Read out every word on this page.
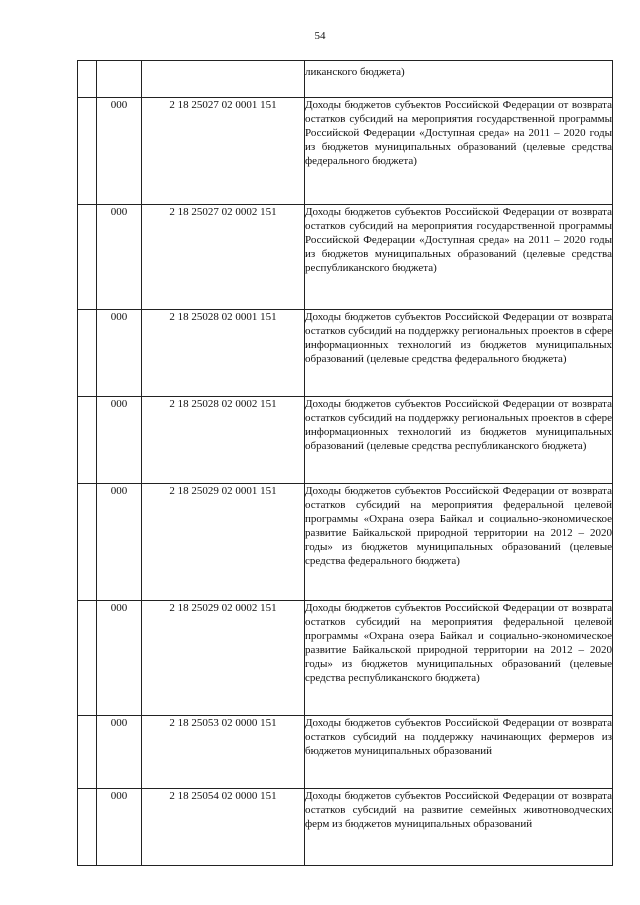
54
			ликанского бюджета)
	000	2 18 25027 02 0001 151	Доходы бюджетов субъектов Российской Федерации от возврата остатков субсидий на мероприятия государственной программы Российской Федерации «Доступная среда» на 2011 – 2020 годы из бюджетов муниципальных образований (целевые средства федерального бюджета)
	000	2 18 25027 02 0002 151	Доходы бюджетов субъектов Российской Федерации от возврата остатков субсидий на мероприятия государственной программы Российской Федерации «Доступная среда» на 2011 – 2020 годы из бюджетов муниципальных образований (целевые средства республиканского бюджета)
	000	2 18 25028 02 0001 151	Доходы бюджетов субъектов Российской Федерации от возврата остатков субсидий на поддержку региональных проектов в сфере информационных технологий из бюджетов муниципальных образований (целевые средства федерального бюджета)
	000	2 18 25028 02 0002 151	Доходы бюджетов субъектов Российской Федерации от возврата остатков субсидий на поддержку региональных проектов в сфере информационных технологий из бюджетов муниципальных образований (целевые средства республиканского бюджета)
	000	2 18 25029 02 0001 151	Доходы бюджетов субъектов Российской Федерации от возврата остатков субсидий на мероприятия федеральной целевой программы «Охрана озера Байкал и социально-экономическое развитие Байкальской природной территории на 2012 – 2020 годы» из бюджетов муниципальных образований (целевые средства федерального бюджета)
	000	2 18 25029 02 0002 151	Доходы бюджетов субъектов Российской Федерации от возврата остатков субсидий на мероприятия федеральной целевой программы «Охрана озера Байкал и социально-экономическое развитие Байкальской природной территории на 2012 – 2020 годы» из бюджетов муниципальных образований (целевые средства республиканского бюджета)
	000	2 18 25053 02 0000 151	Доходы бюджетов субъектов Российской Федерации от возврата остатков субсидий на поддержку начинающих фермеров из бюджетов муниципальных образований
	000	2 18 25054 02 0000 151	Доходы бюджетов субъектов Российской Федерации от возврата остатков субсидий на развитие семейных животноводческих ферм из бюджетов муниципальных образований
